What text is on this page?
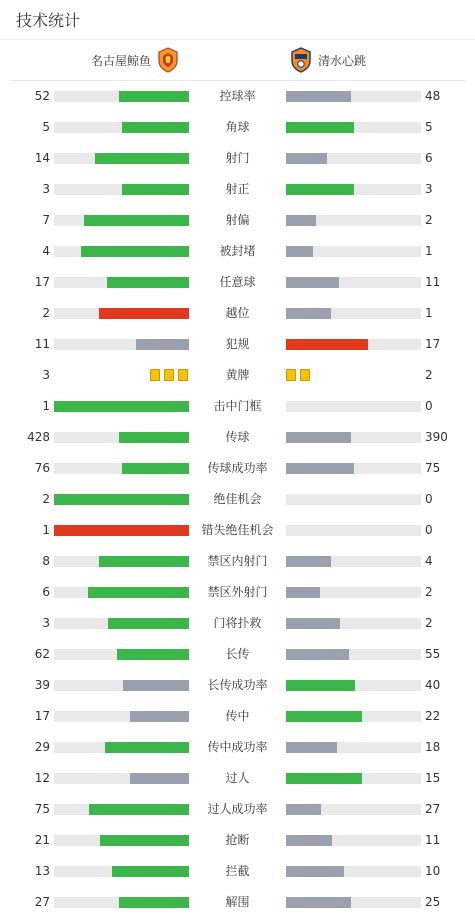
技术统计
名古屋鲸鱼	清水心跳
52	控球率	48
5	角球	5
14	射门	6
3	射正	3
7	射偏	2
4	被封堵	1
17	任意球	11
2	越位	1
11	犯规	17
3	黄牌	2
1	击中门框	0
428	传球	390
76	传球成功率	75
2	绝佳机会	0
1	错失绝佳机会	0
8	禁区内射门	4
6	禁区外射门	2
3	门将扑救	2
62	长传	55
39	长传成功率	40
17	传中	22
29	传中成功率	18
12	过人	15
75	过人成功率	27
21	抢断	11
13	拦截	10
27	解围	25
